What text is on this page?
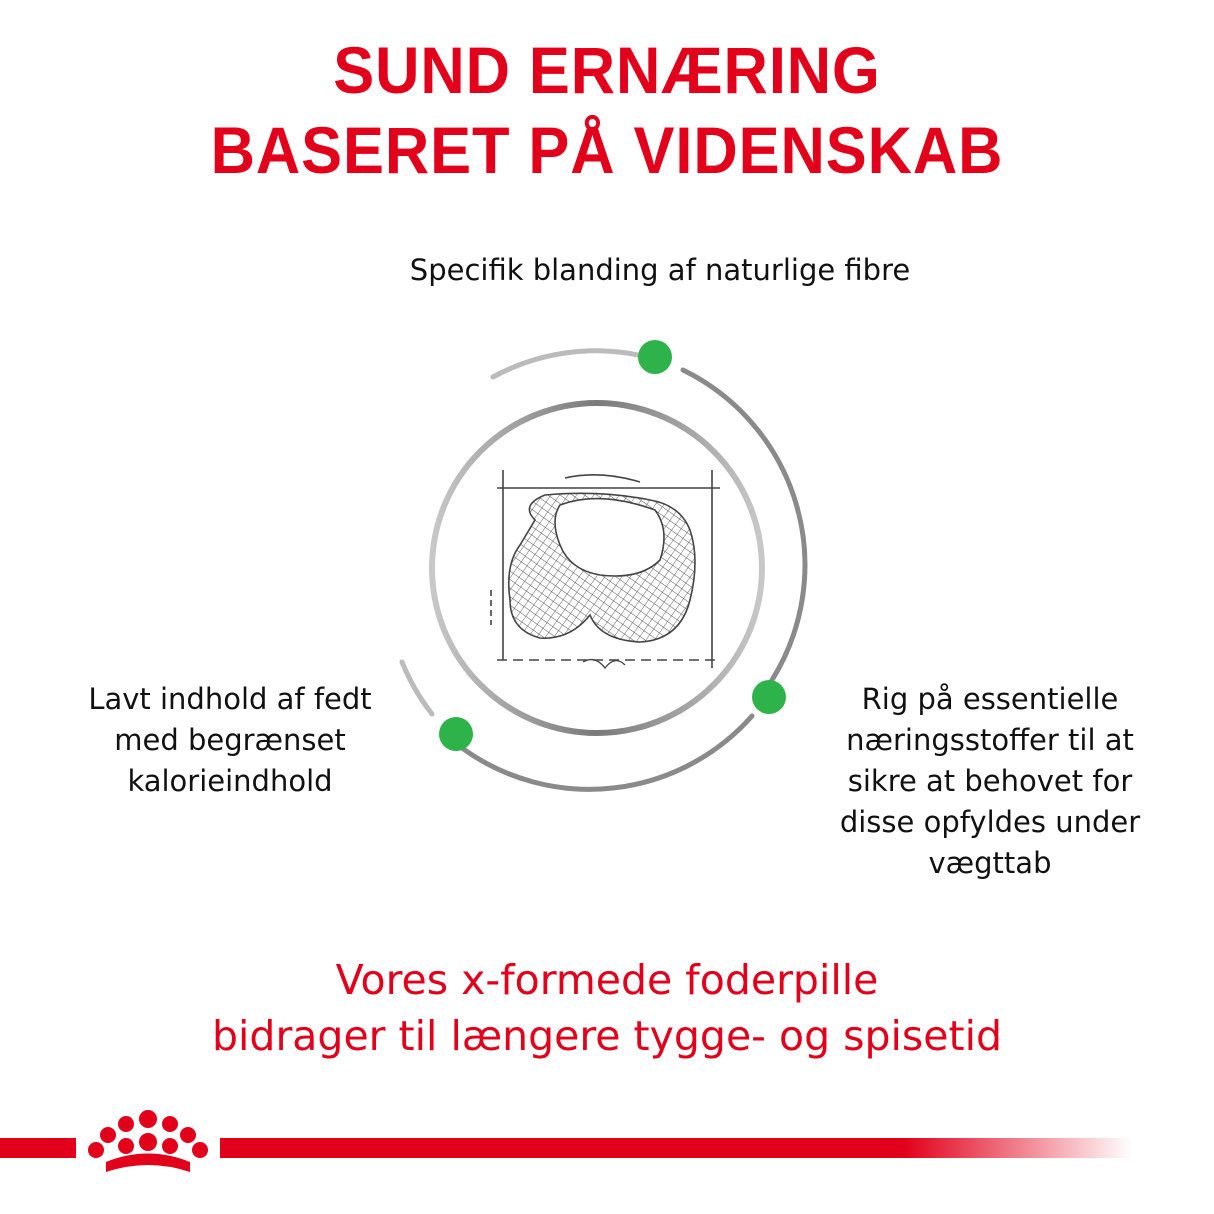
SUND ERNÆRING
BASERET PÅ VIDENSKAB
Specifik blanding af naturlige fibre
Lavt indhold af fedt
med begrænset
kalorieindhold
Rig på essentielle
næringsstoffer til at
sikre at behovet for
disse opfyldes under
vægttab
Vores x-formede foderpille
bidrager til længere tygge- og spisetid
